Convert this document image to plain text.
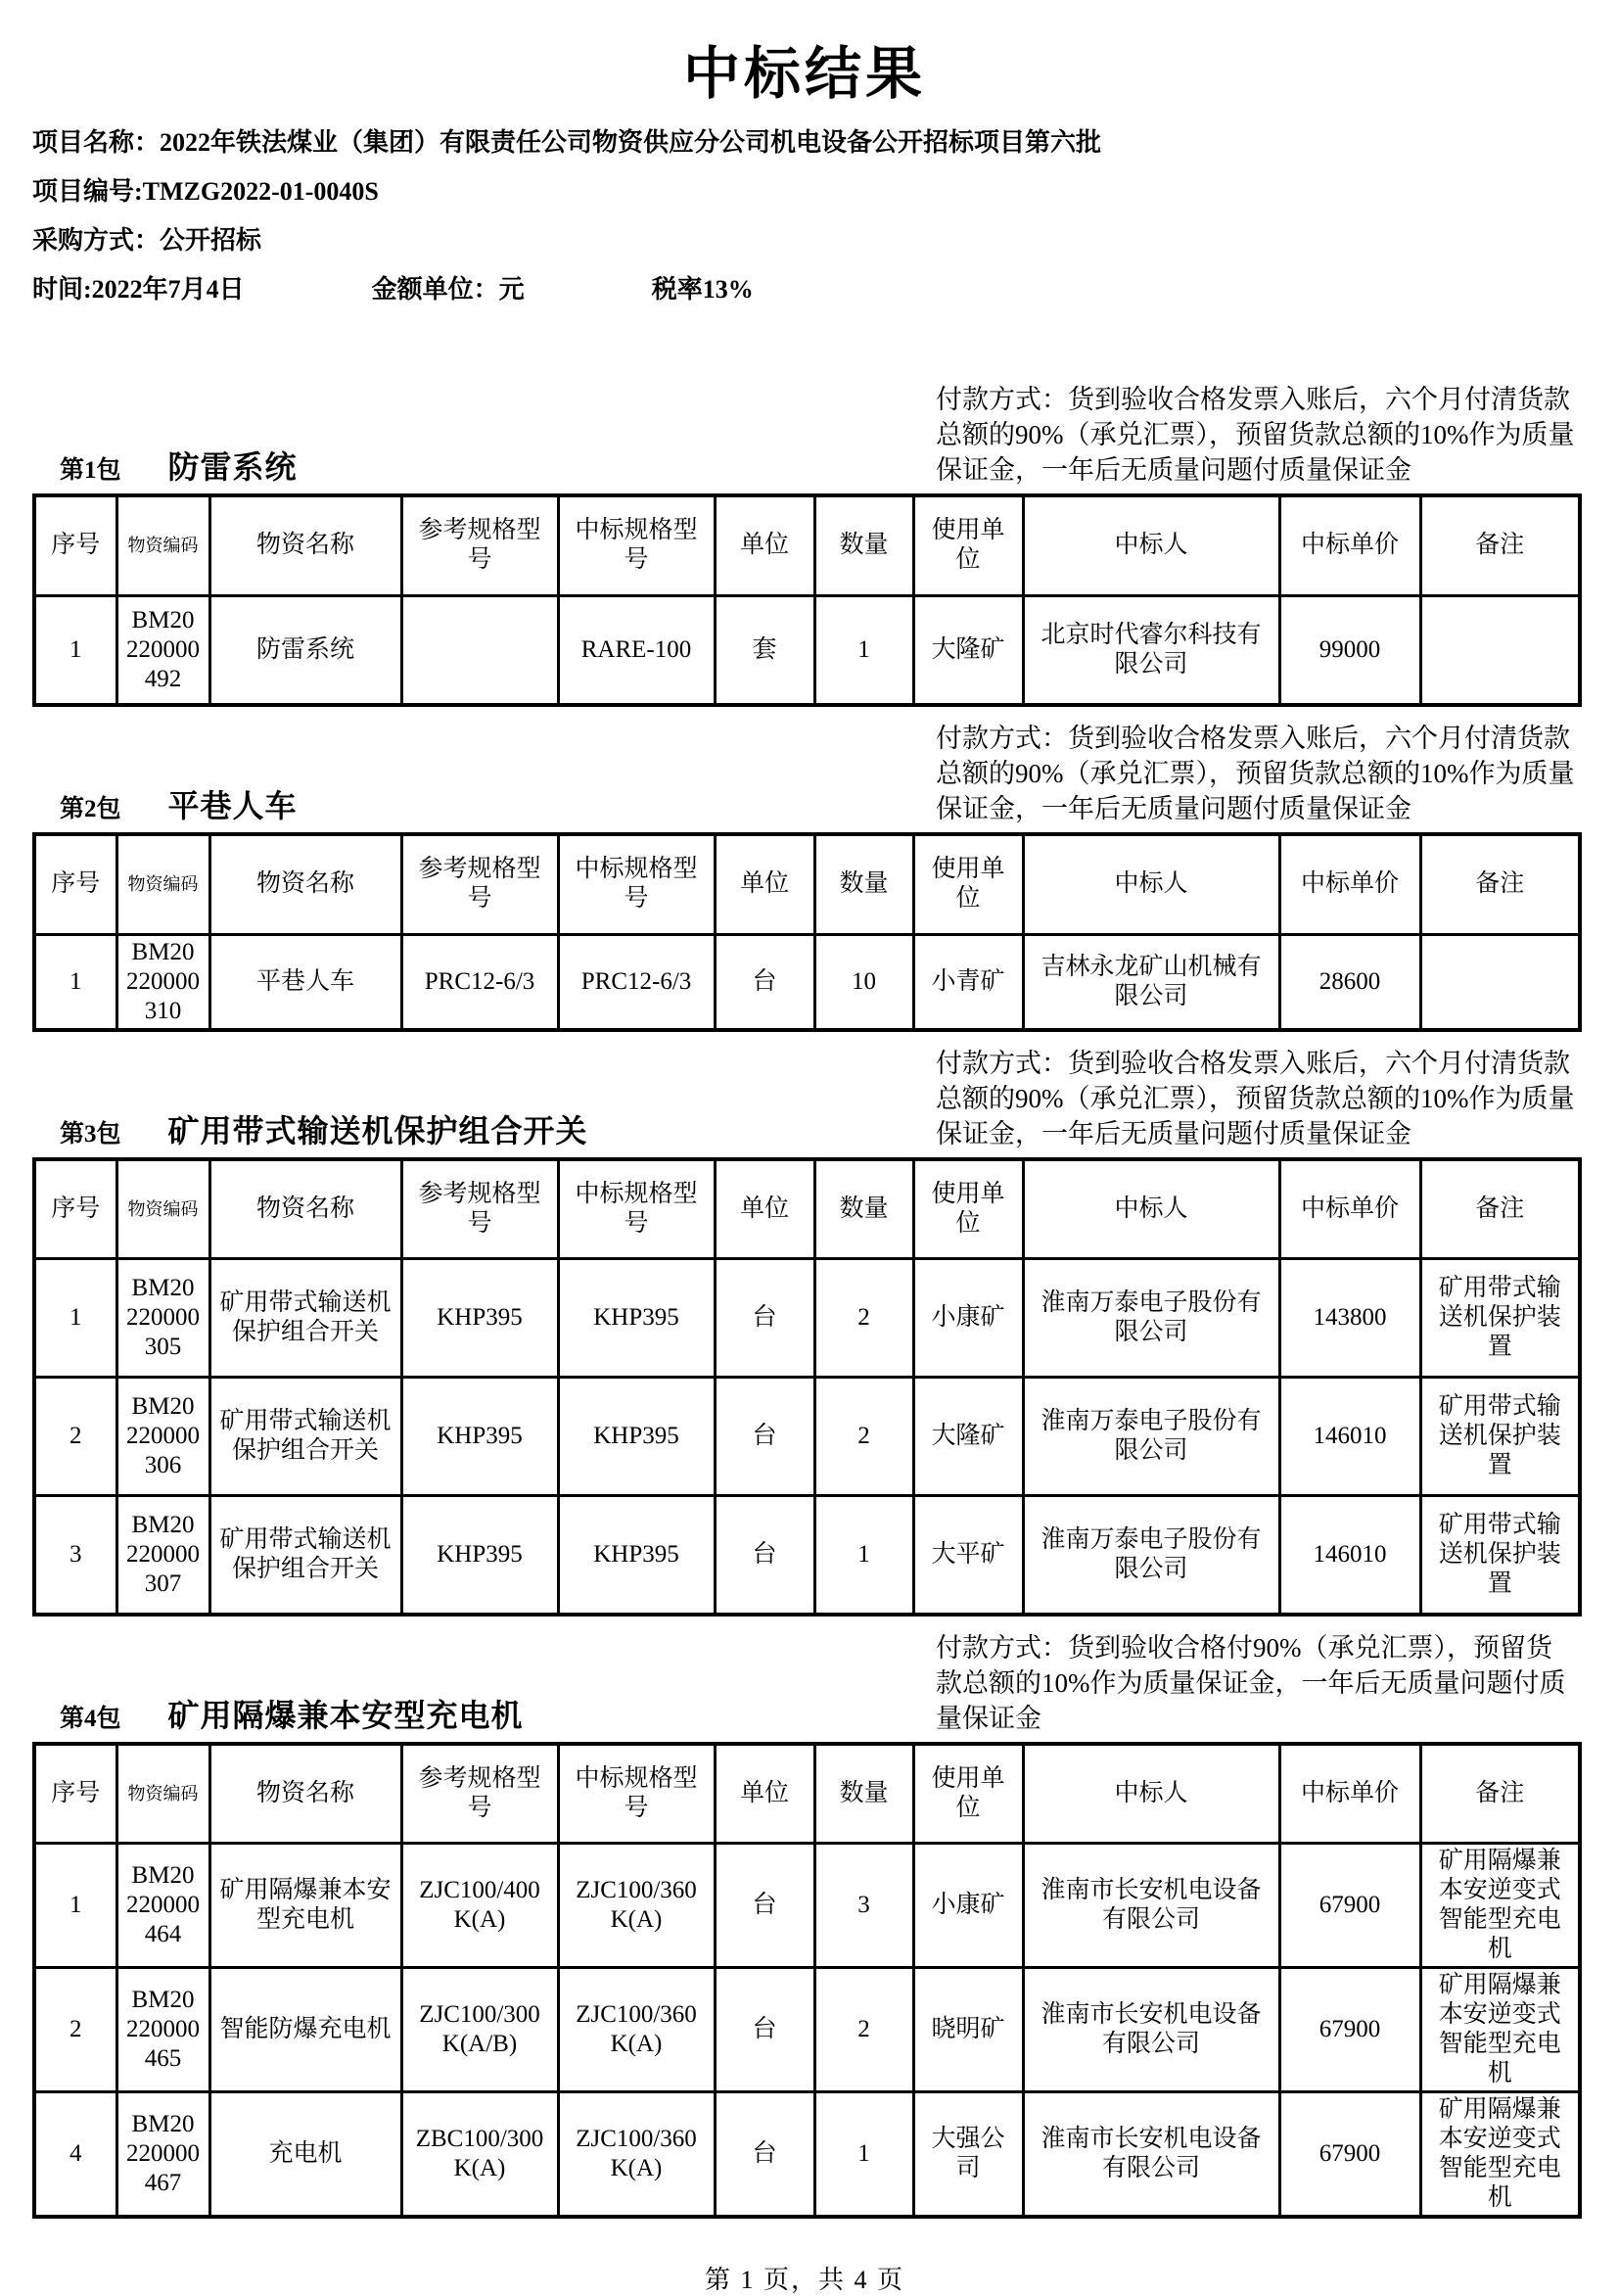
中标结果
项目名称：2022年铁法煤业（集团）有限责任公司物资供应分公司机电设备公开招标项目第六批
项目编号:TMZG2022-01-0040S
采购方式：公开招标
时间:2022年7月4日	金额单位：元	税率13%
第1包 防雷系统
付款方式：货到验收合格发票入账后，六个月付清货款总额的90%（承兑汇票），预留货款总额的10%作为质量保证金，一年后无质量问题付质量保证金
序号	物资编码	物资名称	参考规格型号	中标规格型号	单位	数量	使用单位	中标人	中标单价	备注
1	BM20220000492	防雷系统		RARE-100	套	1	大隆矿	北京时代睿尔科技有限公司	99000	
第2包 平巷人车
付款方式：货到验收合格发票入账后，六个月付清货款总额的90%（承兑汇票），预留货款总额的10%作为质量保证金，一年后无质量问题付质量保证金
序号	物资编码	物资名称	参考规格型号	中标规格型号	单位	数量	使用单位	中标人	中标单价	备注
1	BM20220000310	平巷人车	PRC12-6/3	PRC12-6/3	台	10	小青矿	吉林永龙矿山机械有限公司	28600	
第3包 矿用带式输送机保护组合开关
付款方式：货到验收合格发票入账后，六个月付清货款总额的90%（承兑汇票），预留货款总额的10%作为质量保证金，一年后无质量问题付质量保证金
序号	物资编码	物资名称	参考规格型号	中标规格型号	单位	数量	使用单位	中标人	中标单价	备注
1	BM20220000305	矿用带式输送机保护组合开关	KHP395	KHP395	台	2	小康矿	淮南万泰电子股份有限公司	143800	矿用带式输送机保护装置
2	BM20220000306	矿用带式输送机保护组合开关	KHP395	KHP395	台	2	大隆矿	淮南万泰电子股份有限公司	146010	矿用带式输送机保护装置
3	BM20220000307	矿用带式输送机保护组合开关	KHP395	KHP395	台	1	大平矿	淮南万泰电子股份有限公司	146010	矿用带式输送机保护装置
第4包 矿用隔爆兼本安型充电机
付款方式：货到验收合格付90%（承兑汇票），预留货款总额的10%作为质量保证金，一年后无质量问题付质量保证金
序号	物资编码	物资名称	参考规格型号	中标规格型号	单位	数量	使用单位	中标人	中标单价	备注
1	BM20220000464	矿用隔爆兼本安型充电机	ZJC100/400K(A)	ZJC100/360K(A)	台	3	小康矿	淮南市长安机电设备有限公司	67900	矿用隔爆兼本安逆变式智能型充电机
2	BM20220000465	智能防爆充电机	ZJC100/300K(A/B)	ZJC100/360K(A)	台	2	晓明矿	淮南市长安机电设备有限公司	67900	矿用隔爆兼本安逆变式智能型充电机
4	BM20220000467	充电机	ZBC100/300K(A)	ZJC100/360K(A)	台	1	大强公司	淮南市长安机电设备有限公司	67900	矿用隔爆兼本安逆变式智能型充电机
第 1 页，共 4 页
